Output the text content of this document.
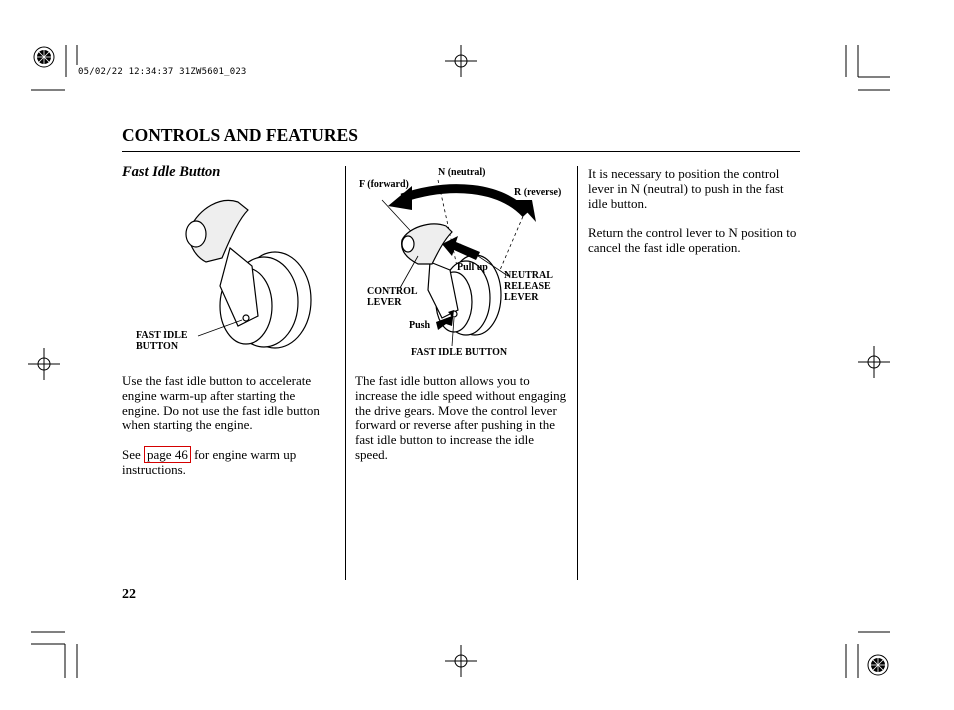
05/02/22 12:34:37 31ZW5601_023
CONTROLS AND FEATURES
Fast Idle Button
FAST IDLE
BUTTON
Use the fast idle button to accelerate engine warm-up after starting the engine. Do not use the fast idle button when starting the engine.
See page 46 for engine warm up instructions.
N (neutral)
F (forward)
R (reverse)
Pull up
NEUTRAL
RELEASE
LEVER
CONTROL
LEVER
Push
FAST IDLE BUTTON
The fast idle button allows you to increase the idle speed without engaging the drive gears. Move the control lever forward or reverse after pushing in the fast idle button to increase the idle speed.
It is necessary to position the control lever in N (neutral) to push in the fast idle button.
Return the control lever to N position to cancel the fast idle operation.
22
